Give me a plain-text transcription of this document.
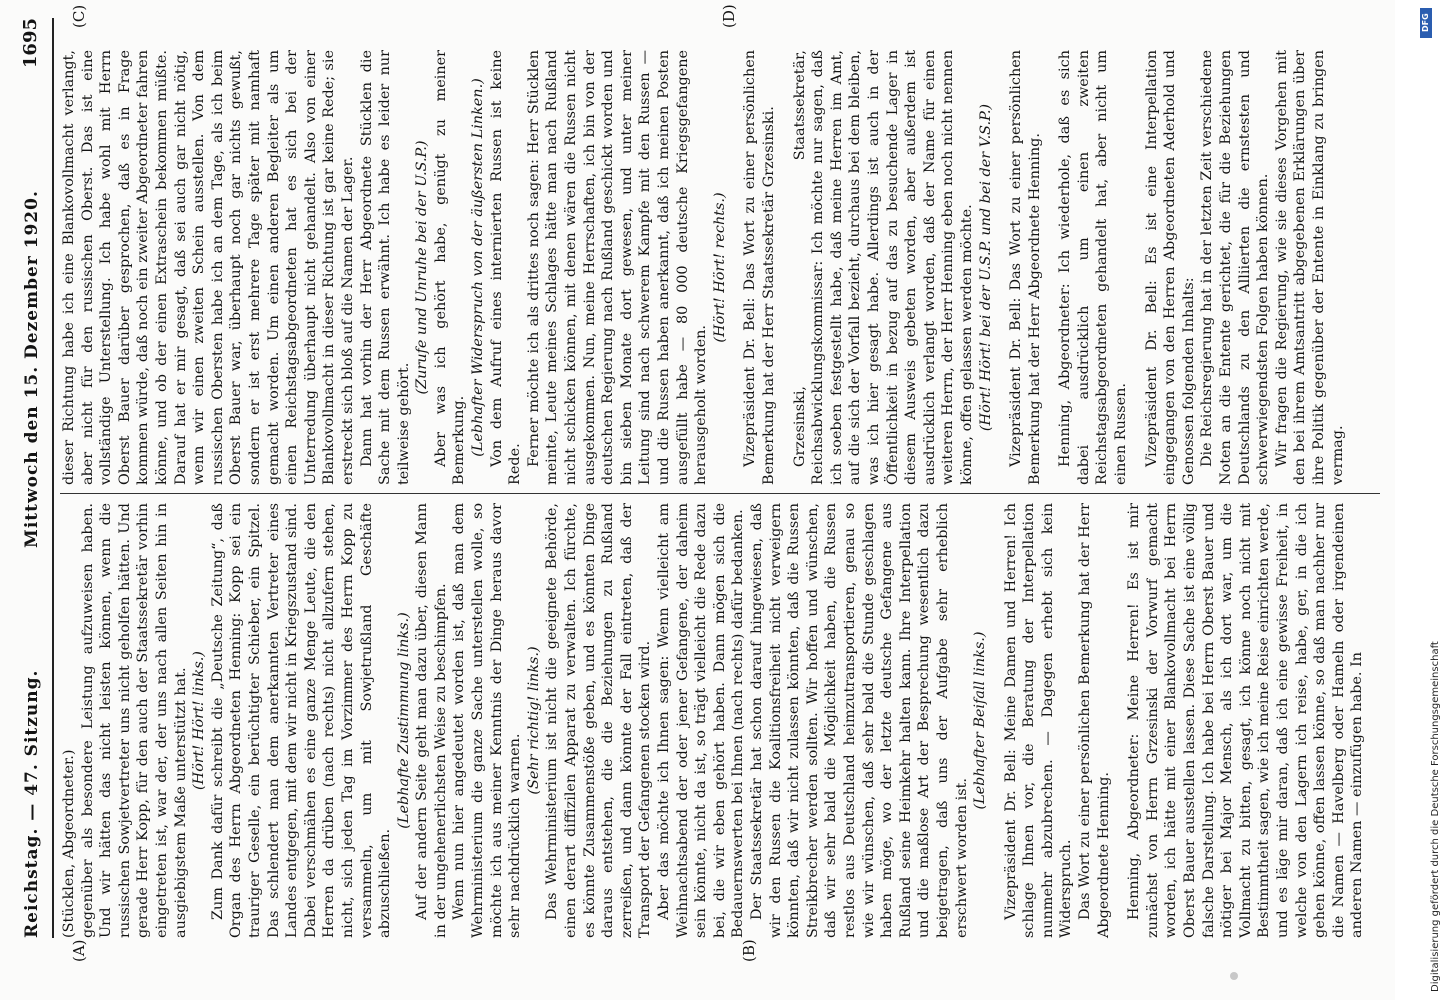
Reichstag. — 47. Sitzung.
Mittwoch den 15. Dezember 1920.
1695
(A)	(B)
(C)	(D)

(Stücklen, Abgeordneter.) gegenüber als besondere Leistung aufzuweisen haben. Und wir hätten das nicht leisten können, wenn die russischen Sowjetvertreter uns nicht geholfen hätten. Und gerade Herr Kopp, für den auch der Staatssekretär vorhin eingetreten ist, war der, der uns nach allen Seiten hin in ausgiebigstem Maße unterstützt hat. (Hört! Hört! links.) Zum Dank dafür schreibt die „Deutsche Zeitung“, daß Organ des Herrn Abgeordneten Henning: Kopp sei ein trauriger Geselle, ein berüchtigter Schieber, ein Spitzel. Das schlendert man dem anerkannten Vertreter eines Landes entgegen, mit dem wir nicht in Kriegszustand sind. Dabei verschmähen es eine ganze Menge Leute, die den Herren da drüben (nach rechts) nicht allzufern stehen, nicht, sich jeden Tag im Vorzimmer des Herrn Kopp zu versammeln, um mit Sowjetrußland Geschäfte abzuschließen.

(Lebhafte Zustimmung links.) Auf der andern Seite geht man dazu über, diesen Mann in der ungehenerlichsten Weise zu beschimpfen. Wenn nun hier angedeutet worden ist, daß man dem Wehrministerium die ganze Sache unterstellen wolle, so möchte ich aus meiner Kenntnis der Dinge heraus davor sehr nachdrücklich warnen.

(Sehr richtig! links.) Das Wehrministerium ist nicht die geeignete Behörde, einen derart diffizilen Apparat zu verwalten. Ich fürchte, es könnte Zusammenstöße geben, und es könnten Dinge daraus entstehen, die die Beziehungen zu Rußland zerreißen, und dann könnte der Fall eintreten, daß der Transport der Gefangenen stocken wird. Aber das möchte ich Ihnen sagen: Wenn vielleicht am Weihnachtsabend der oder jener Gefangene, der daheim sein könnte, nicht da ist, so trägt vielleicht die Rede dazu bei, die wir eben gehört haben. Dann mögen sich die Bedauernswerten bei Ihnen (nach rechts) dafür bedanken. Der Staatssekretär hat schon darauf hingewiesen, daß wir den Russen die Koalitionsfreiheit nicht verweigern könnten, daß wir nicht zulassen könnten, daß die Russen Streikbrecher werden sollten. Wir hoffen und wünschen, daß wir sehr bald die Möglichkeit haben, die Russen restlos aus Deutschland heimzutransportieren, genau so wie wir wünschen, daß sehr bald die Stunde geschlagen haben möge, wo der letzte deutsche Gefangene aus Rußland seine Heimkehr halten kann. Ihre Interpellation und die maßlose Art der Besprechung wesentlich dazu beigetragen, daß uns der Aufgabe sehr erheblich erschwert worden ist.

(Lebhafter Beifall links.) Vizepräsident Dr. Bell: Meine Damen und Herren! Ich schlage Ihnen vor, die Beratung der Interpellation nunmehr abzubrechen. — Dagegen erhebt sich kein Widerspruch. Das Wort zu einer persönlichen Bemerkung hat der Herr Abgeordnete Henning. Henning, Abgeordneter: Meine Herren! Es ist mir zunächst von Herrn Grzesinski der Vorwurf gemacht worden, ich hätte mit einer Blankovollmacht bei Herrn Oberst Bauer ausstellen lassen. Diese Sache ist eine völlig falsche Darstellung. Ich habe bei Herrn Oberst Bauer und nötiger bei Major Mensch, als ich dort war, um die Vollmacht zu bitten, gesagt, ich könne noch nicht mit Bestimmtheit sagen, wie ich meine Reise einrichten werde, und es läge mir daran, daß ich eine gewisse Freiheit, in welche von den Lagern ich reise, habe, ger, in die ich gehen könne, offen lassen könne, so daß man nachher nur die Namen — Havelberg oder Hameln oder irgendeinen anderen Namen — einzufügen habe. In

dieser Richtung habe ich eine Blankovollmacht verlangt, aber nicht für den russischen Oberst. Das ist eine vollständige Unterstellung. Ich habe wohl mit Herrn Oberst Bauer darüber gesprochen, daß es in Frage kommen würde, daß noch ein zweiter Abgeordneter fahren könne, und ob der einen Extraschein bekommen müßte. Darauf hat er mir gesagt, daß sei auch gar nicht nötig, wenn wir einen zweiten Schein ausstellen. Von dem russischen Obersten habe ich an dem Tage, als ich beim Oberst Bauer war, überhaupt noch gar nichts gewußt, sondern er ist erst mehrere Tage später mit namhaft gemacht worden. Um einen anderen Begleiter als um einen Reichstagsabgeordneten hat es sich bei der Unterredung überhaupt nicht gehandelt. Also von einer Blankovollmacht in dieser Richtung ist gar keine Rede; sie erstreckt sich bloß auf die Namen der Lager. Dann hat vorhin der Herr Abgeordnete Stücklen die Sache mit dem Russen erwähnt. Ich habe es leider nur teilweise gehört.

(Zurufe und Unruhe bei der U.S.P.) Aber was ich gehört habe, genügt zu meiner Bemerkung. (Lebhafter Widerspruch von der äußersten Linken.) Von dem Aufruf eines internierten Russen ist keine Rede. Ferner möchte ich als drittes noch sagen: Herr Stücklen meinte, Leute meines Schlages hätte man nach Rußland nicht schicken können, mit denen wären die Russen nicht ausgekommen. Nun, meine Herrschaften, ich bin von der deutschen Regierung nach Rußland geschickt worden und bin sieben Monate dort gewesen, und unter meiner Leitung sind nach schwerem Kampfe mit den Russen — und die Russen haben anerkannt, daß ich meinen Posten ausgefüllt habe — 80 000 deutsche Kriegsgefangene herausgeholt worden.

(Hört! Hört! rechts.) Vizepräsident Dr. Bell: Das Wort zu einer persönlichen Bemerkung hat der Herr Staatssekretär Grzesinski. Grzesinski, Staatssekretär, Reichsabwicklungskommissar: Ich möchte nur sagen, daß ich soeben festgestellt habe, daß meine Herren im Amt, auf die sich der Vorfall bezieht, durchaus bei dem bleiben, was ich hier gesagt habe. Allerdings ist auch in der Öffentlichkeit in bezug auf das zu besuchende Lager in diesem Ausweis gebeten worden, aber außerdem ist ausdrücklich verlangt worden, daß der Name für einen weiteren Herrn, der Herr Henning eben noch nicht nennen könne, offen gelassen werden möchte. (Hört! Hört! bei der U.S.P. und bei der V.S.P.) Vizepräsident Dr. Bell: Das Wort zu einer persönlichen Bemerkung hat der Herr Abgeordnete Henning. Henning, Abgeordneter: Ich wiederhole, daß es sich dabei ausdrücklich um einen zweiten Reichstagsabgeordneten gehandelt hat, aber nicht um einen Russen. Vizepräsident Dr. Bell: Es ist eine Interpellation eingegangen von den Herren Abgeordneten Aderhold und Genossen folgenden Inhalts: Die Reichsregierung hat in der letzten Zeit verschiedene Noten an die Entente gerichtet, die für die Beziehungen Deutschlands zu den Alliierten die ernstesten und schwerwiegendsten Folgen haben können. Wir fragen die Regierung, wie sie dieses Vorgehen mit den bei ihrem Amtsantritt abgegebenen Erklärungen über ihre Politik gegenüber der Entente in Einklang zu bringen vermag.

DFG
Digitalisierung gefördert durch die Deutsche Forschungsgemeinschaft
